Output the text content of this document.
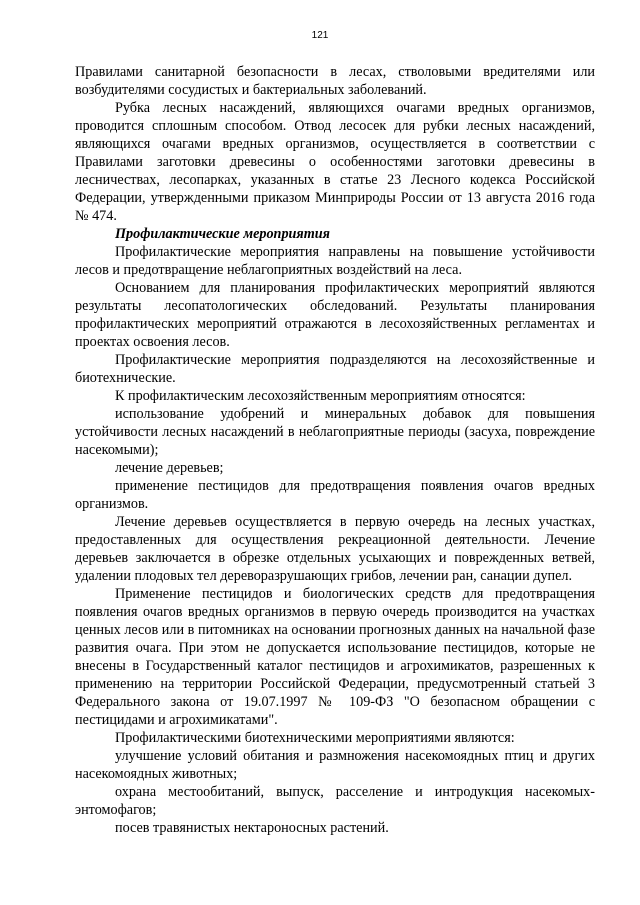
121

Правилами санитарной безопасности в лесах, стволовыми вредителями или возбудителями сосудистых и бактериальных заболеваний.

Рубка лесных насаждений, являющихся очагами вредных организмов, проводится сплошным способом. Отвод лесосек для рубки лесных насаждений, являющихся очагами вредных организмов, осуществляется в соответствии с Правилами заготовки древесины о особенностями заготовки древесины в лесничествах, лесопарках, указанных в статье 23 Лесного кодекса Российской Федерации, утвержденными приказом Минприроды России от 13 августа 2016 года № 474.

Профилактические мероприятия

Профилактические мероприятия направлены на повышение устойчивости лесов и предотвращение неблагоприятных воздействий на леса.

Основанием для планирования профилактических мероприятий являются результаты лесопатологических обследований. Результаты планирования профилактических мероприятий отражаются в лесохозяйственных регламентах и проектах освоения лесов.

Профилактические мероприятия подразделяются на лесохозяйственные и биотехнические.

К профилактическим лесохозяйственным мероприятиям относятся:

использование удобрений и минеральных добавок для повышения устойчивости лесных насаждений в неблагоприятные периоды (засуха, повреждение насекомыми);

лечение деревьев;

применение пестицидов для предотвращения появления очагов вредных организмов.

Лечение деревьев осуществляется в первую очередь на лесных участках, предоставленных для осуществления рекреационной деятельности. Лечение деревьев заключается в обрезке отдельных усыхающих и поврежденных ветвей, удалении плодовых тел дереворазрушающих грибов, лечении ран, санации дупел.

Применение пестицидов и биологических средств для предотвращения появления очагов вредных организмов в первую очередь производится на участках ценных лесов или в питомниках на основании прогнозных данных на начальной фазе развития очага. При этом не допускается использование пестицидов, которые не внесены в Государственный каталог пестицидов и агрохимикатов, разрешенных к применению на территории Российской Федерации, предусмотренный статьей 3 Федерального закона от 19.07.1997 № 109-ФЗ "О безопасном обращении с пестицидами и агрохимикатами".

Профилактическими биотехническими мероприятиями являются:

улучшение условий обитания и размножения насекомоядных птиц и других насекомоядных животных;

охрана местообитаний, выпуск, расселение и интродукция насекомых-энтомофагов;

посев травянистых нектароносных растений.
